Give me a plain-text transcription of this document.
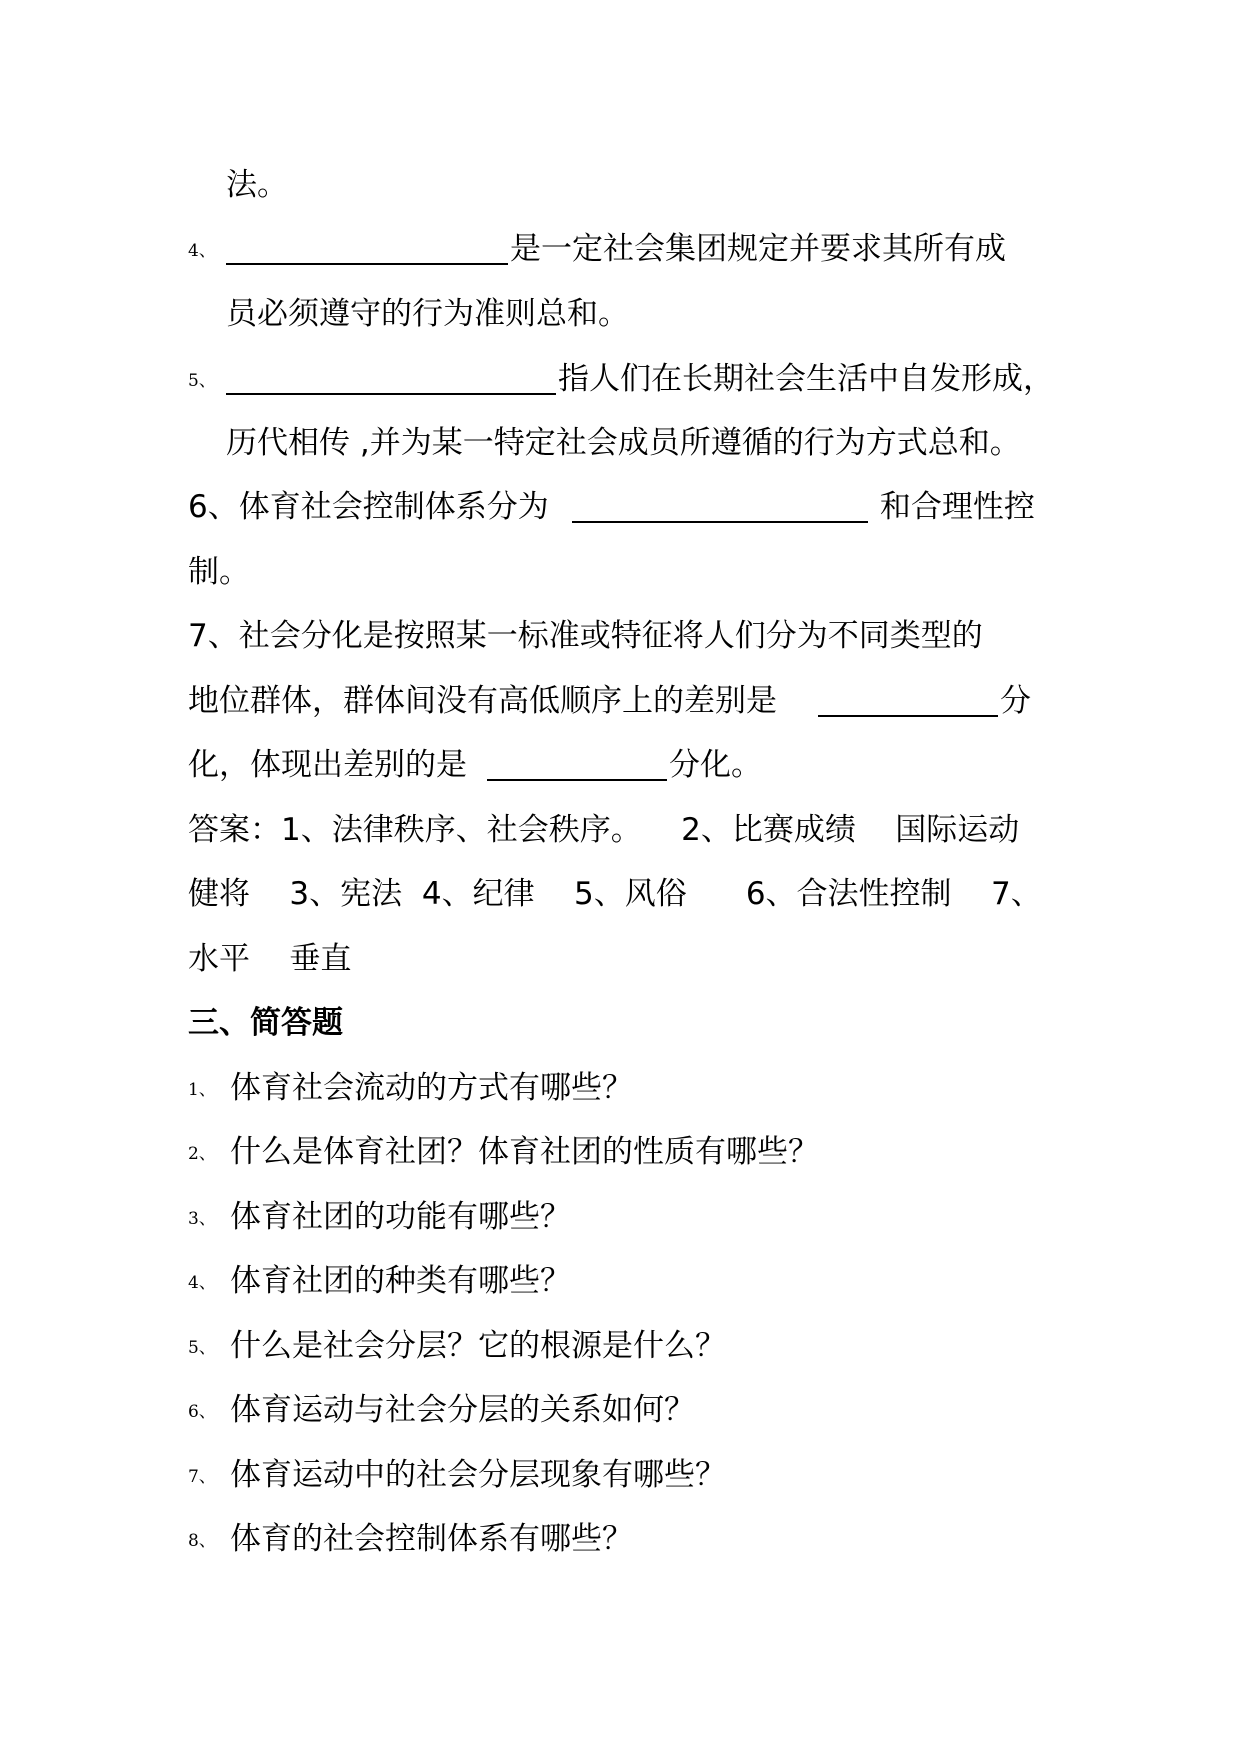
法。
4、	是一定社会集团规定并要求其所有成
员必须遵守的行为准则总和。
5、	指人们在长期社会生活中自发形成，
历代相传 ,并为某一特定社会成员所遵循的行为方式总和。
6、体育社会控制体系分为	和合理性控
制。
7、社会分化是按照某一标准或特征将人们分为不同类型的
地位群体，群体间没有高低顺序上的差别是	分
化，体现出差别的是	分化。
答案：1、法律秩序、社会秩序。    2、比赛成绩    国际运动
健将    3、宪法  4、纪律    5、风俗      6、合法性控制    7、
水平    垂直
三、简答题
1、 体育社会流动的方式有哪些？
2、 什么是体育社团？体育社团的性质有哪些？
3、 体育社团的功能有哪些？
4、 体育社团的种类有哪些？
5、 什么是社会分层？它的根源是什么？
6、 体育运动与社会分层的关系如何？
7、 体育运动中的社会分层现象有哪些？
8、 体育的社会控制体系有哪些？
